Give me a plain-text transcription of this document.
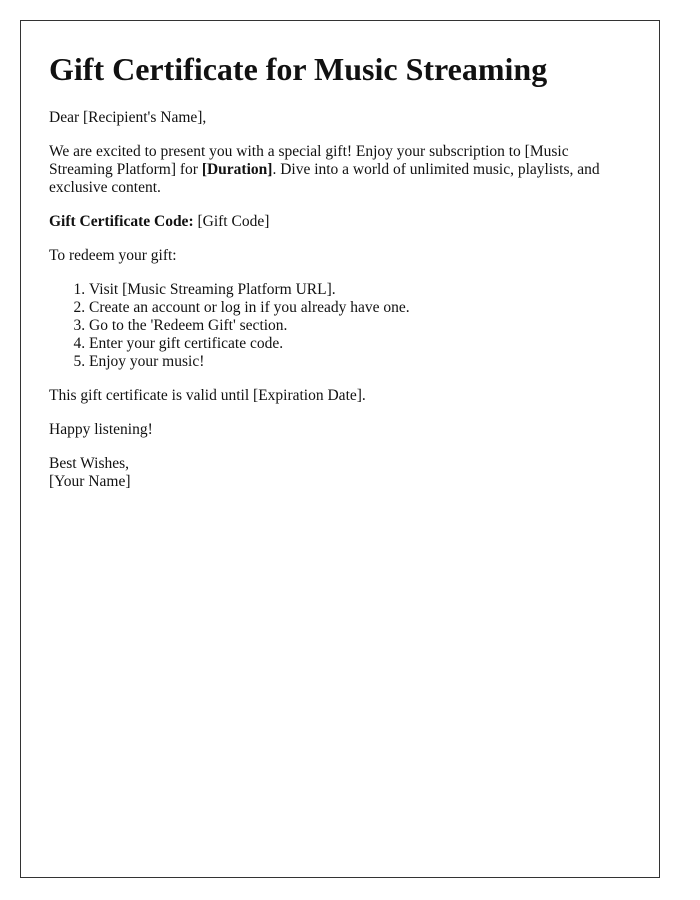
Gift Certificate for Music Streaming

Dear [Recipient's Name],

We are excited to present you with a special gift! Enjoy your subscription to [Music Streaming Platform] for [Duration]. Dive into a world of unlimited music, playlists, and exclusive content.

Gift Certificate Code: [Gift Code]

To redeem your gift:

1. Visit [Music Streaming Platform URL].
2. Create an account or log in if you already have one.
3. Go to the 'Redeem Gift' section.
4. Enter your gift certificate code.
5. Enjoy your music!

This gift certificate is valid until [Expiration Date].

Happy listening!

Best Wishes,
[Your Name]
